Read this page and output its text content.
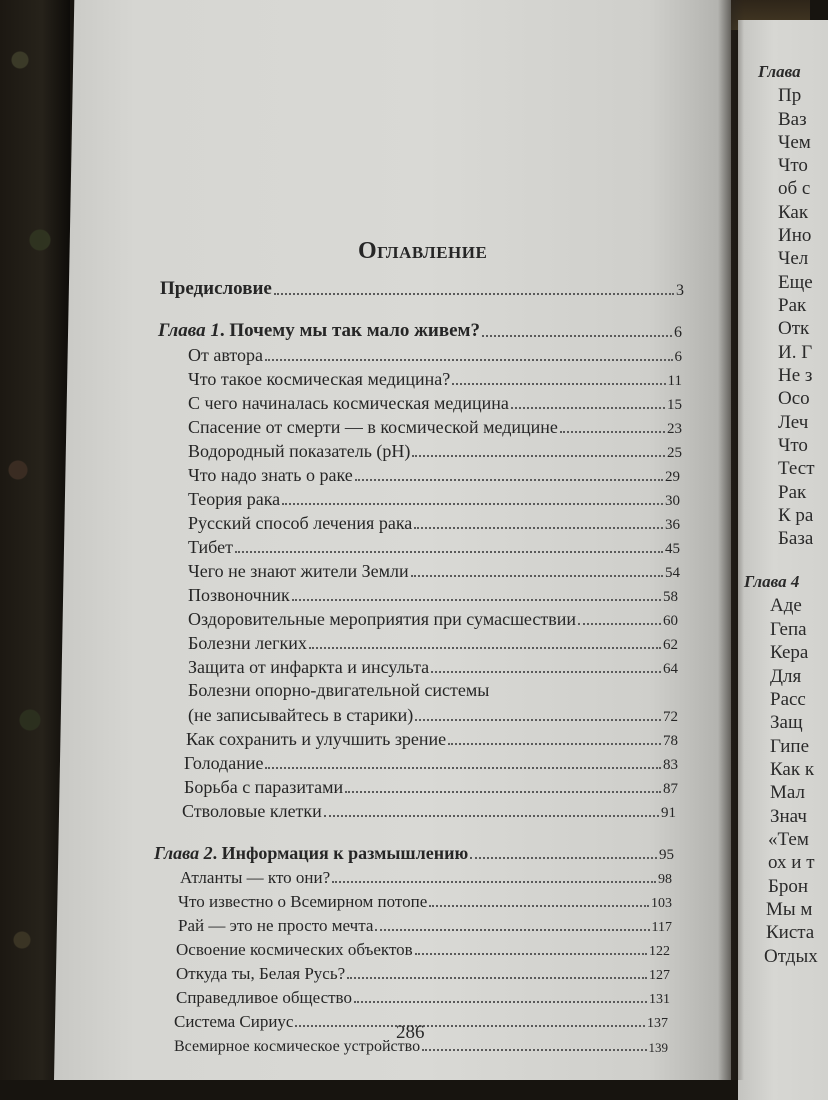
Оглавление
Предисловие	3
Глава 1. Почему мы так мало живем?	6
От автора	6
Что такое космическая медицина?	11
С чего начиналась космическая медицина	15
Спасение от смерти — в космической медицине	23
Водородный показатель (pH)	25
Что надо знать о раке	29
Теория рака	30
Русский способ лечения рака	36
Тибет	45
Чего не знают жители Земли	54
Позвоночник	58
Оздоровительные мероприятия при сумасшествии	60
Болезни легких	62
Защита от инфаркта и инсульта	64
Болезни опорно-двигательной системы
(не записывайтесь в старики)	72
Как сохранить и улучшить зрение	78
Голодание	83
Борьба с паразитами	87
Стволовые клетки	91
Глава 2. Информация к размышлению	95
Атланты — кто они?	98
Что известно о Всемирном потопе	103
Рай — это не просто мечта	117
Освоение космических объектов	122
Откуда ты, Белая Русь?	127
Справедливое общество	131
Система Сириус	137
Всемирное космическое устройство	139
286
Глава
Пр
Ваз
Чем
Что
об с
Как
Ино
Чел
Еще
Рак
Отк
И. Г
Не з
Осо
Леч
Что
Тест
Рак
К ра
База
Глава 4
Аде
Гепа
Кера
Для
Расс
Защ
Гипе
Как к
Мал
Знач
«Тем
ох и т
Брон
Мы м
Киста
Отдых
